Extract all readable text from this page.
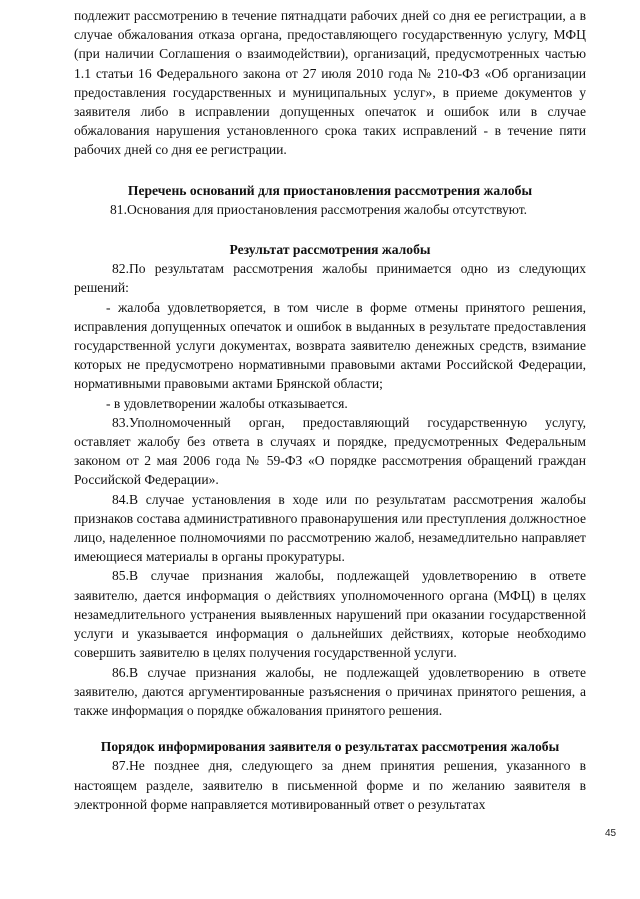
подлежит рассмотрению в течение пятнадцати рабочих дней со дня ее регистрации, а в случае обжалования отказа органа, предоставляющего государственную услугу, МФЦ (при наличии Соглашения о взаимодействии), организаций, предусмотренных частью 1.1 статьи 16 Федерального закона от 27 июля 2010 года № 210-ФЗ «Об организации предоставления государственных и муниципальных услуг», в приеме документов у заявителя либо в исправлении допущенных опечаток и ошибок или в случае обжалования нарушения установленного срока таких исправлений - в течение пяти рабочих дней со дня ее регистрации.

Перечень оснований для приостановления рассмотрения жалобы

81.Основания для приостановления рассмотрения жалобы отсутствуют.

Результат рассмотрения жалобы

82.По результатам рассмотрения жалобы принимается одно из следующих решений:

- жалоба удовлетворяется, в том числе в форме отмены принятого решения, исправления допущенных опечаток и ошибок в выданных в результате предоставления государственной услуги документах, возврата заявителю денежных средств, взимание которых не предусмотрено нормативными правовыми актами Российской Федерации, нормативными правовыми актами Брянской области;

- в удовлетворении жалобы отказывается.

83.Уполномоченный орган, предоставляющий государственную услугу, оставляет жалобу без ответа в случаях и порядке, предусмотренных Федеральным законом от 2 мая 2006 года № 59-ФЗ «О порядке рассмотрения обращений граждан Российской Федерации».

84.В случае установления в ходе или по результатам рассмотрения жалобы признаков состава административного правонарушения или преступления должностное лицо, наделенное полномочиями по рассмотрению жалоб, незамедлительно направляет имеющиеся материалы в органы прокуратуры.

85.В случае признания жалобы, подлежащей удовлетворению в ответе заявителю, дается информация о действиях уполномоченного органа (МФЦ) в целях незамедлительного устранения выявленных нарушений при оказании государственной услуги и указывается информация о дальнейших действиях, которые необходимо совершить заявителю в целях получения государственной услуги.

86.В случае признания жалобы, не подлежащей удовлетворению в ответе заявителю, даются аргументированные разъяснения о причинах принятого решения, а также информация о порядке обжалования принятого решения.

Порядок информирования заявителя о результатах рассмотрения жалобы

87.Не позднее дня, следующего за днем принятия решения, указанного в настоящем разделе, заявителю в письменной форме и по желанию заявителя в электронной форме направляется мотивированный ответ о результатах

45
